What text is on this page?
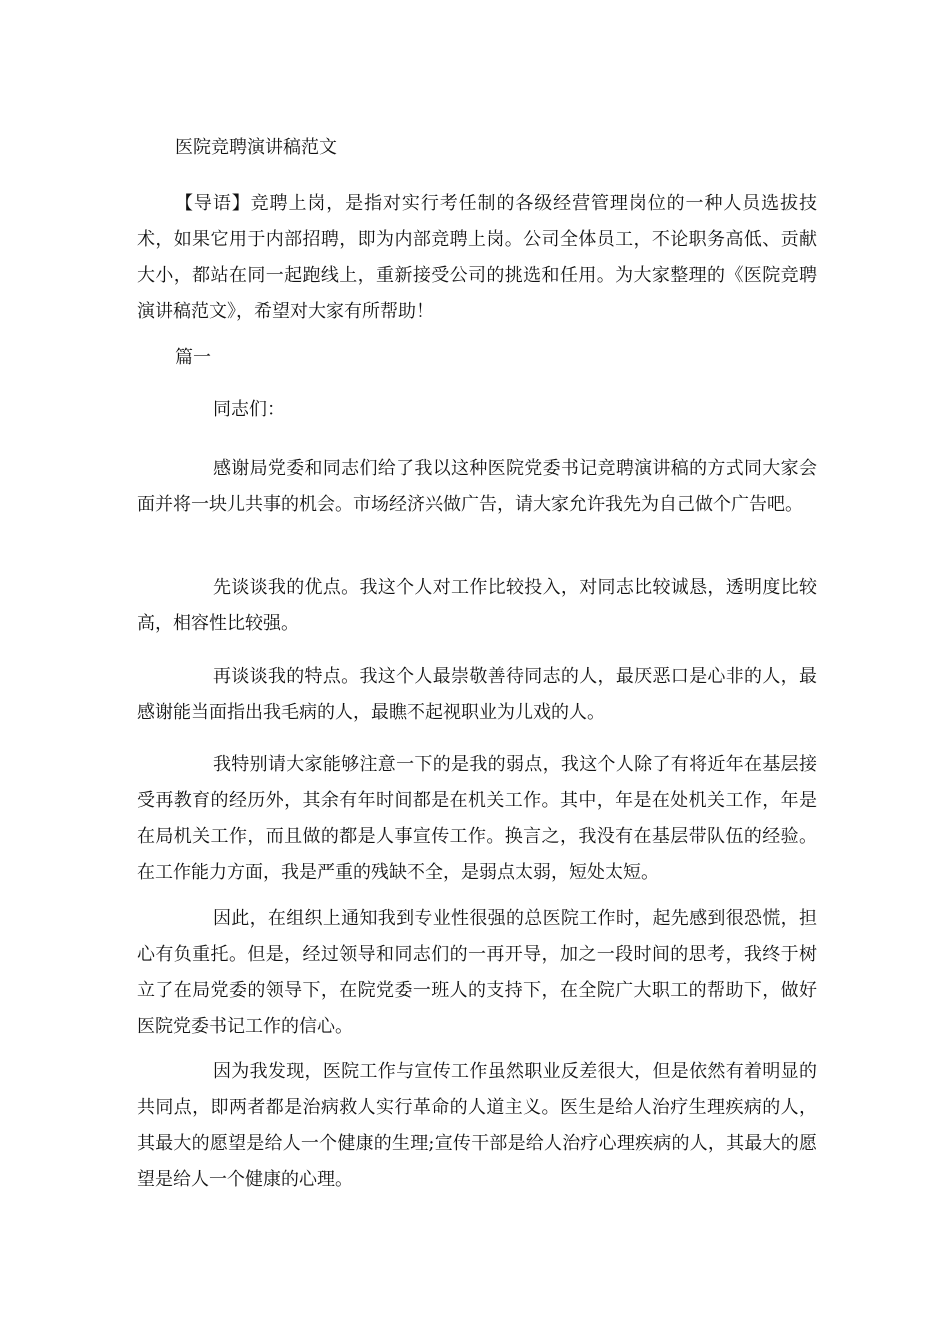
医院竞聘演讲稿范文

【导语】竞聘上岗，是指对实行考任制的各级经营管理岗位的一种人员选拔技术，如果它用于内部招聘，即为内部竞聘上岗。公司全体员工，不论职务高低、贡献大小，都站在同一起跑线上，重新接受公司的挑选和任用。为大家整理的《医院竞聘演讲稿范文》，希望对大家有所帮助！

篇一
同志们：

感谢局党委和同志们给了我以这种医院党委书记竞聘演讲稿的方式同大家会面并将一块儿共事的机会。市场经济兴做广告，请大家允许我先为自己做个广告吧。

先谈谈我的优点。我这个人对工作比较投入，对同志比较诚恳，透明度比较高，相容性比较强。

再谈谈我的特点。我这个人最崇敬善待同志的人，最厌恶口是心非的人，最感谢能当面指出我毛病的人，最瞧不起视职业为儿戏的人。

我特别请大家能够注意一下的是我的弱点，我这个人除了有将近年在基层接受再教育的经历外，其余有年时间都是在机关工作。其中，年是在处机关工作，年是在局机关工作，而且做的都是人事宣传工作。换言之，我没有在基层带队伍的经验。在工作能力方面，我是严重的残缺不全，是弱点太弱，短处太短。

因此，在组织上通知我到专业性很强的总医院工作时，起先感到很恐慌，担心有负重托。但是，经过领导和同志们的一再开导，加之一段时间的思考，我终于树立了在局党委的领导下，在院党委一班人的支持下，在全院广大职工的帮助下，做好医院党委书记工作的信心。

因为我发现，医院工作与宣传工作虽然职业反差很大，但是依然有着明显的共同点，即两者都是治病救人实行革命的人道主义。医生是给人治疗生理疾病的人，其最大的愿望是给人一个健康的生理;宣传干部是给人治疗心理疾病的人，其最大的愿望是给人一个健康的心理。
